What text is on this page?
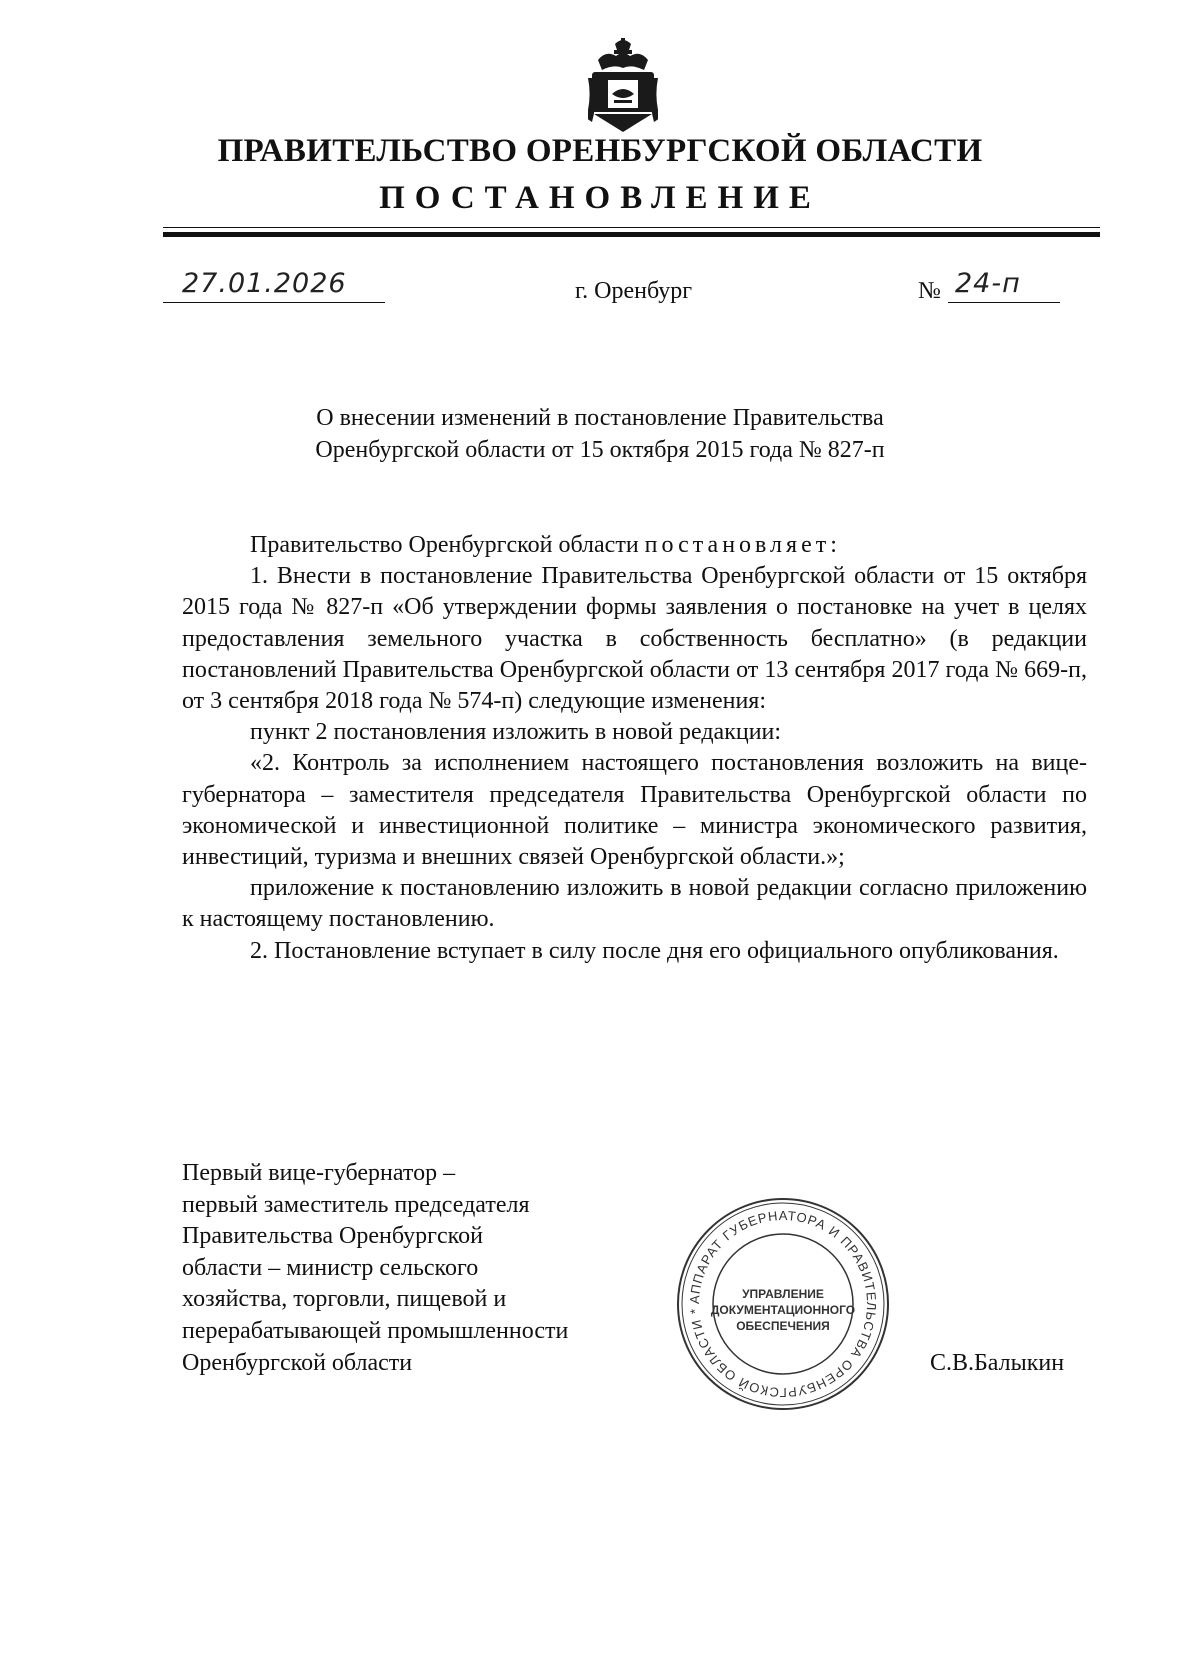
ПРАВИТЕЛЬСТВО ОРЕНБУРГСКОЙ ОБЛАСТИ
ПОСТАНОВЛЕНИЕ
27.01.2026	г. Оренбург	№ 24-п
О внесении изменений в постановление Правительства
Оренбургской области от 15 октября 2015 года № 827-п

Правительство Оренбургской области постановляет:

1. Внести в постановление Правительства Оренбургской области от 15 октября 2015 года № 827-п «Об утверждении формы заявления о постановке на учет в целях предоставления земельного участка в собственность бесплатно» (в редакции постановлений Правительства Оренбургской области от 13 сентября 2017 года № 669-п, от 3 сентября 2018 года № 574-п) следующие изменения:

пункт 2 постановления изложить в новой редакции:

«2. Контроль за исполнением настоящего постановления возложить на вице-губернатора – заместителя председателя Правительства Оренбургской области по экономической и инвестиционной политике – министра экономического развития, инвестиций, туризма и внешних связей Оренбургской области.»;

приложение к постановлению изложить в новой редакции согласно приложению к настоящему постановлению.

2. Постановление вступает в силу после дня его официального опубликования.

Первый вице-губернатор –
первый заместитель председателя
Правительства Оренбургской
области – министр сельского
хозяйства, торговли, пищевой и
перерабатывающей промышленности
Оренбургской области
АППАРАТ ГУБЕРНАТОРА И ПРАВИТЕЛЬСТВА ОРЕНБУРГСКОЙ ОБЛАСТИ *
УПРАВЛЕНИЕ
ДОКУМЕНТАЦИОННОГО
ОБЕСПЕЧЕНИЯ
С.В.Балыкин
